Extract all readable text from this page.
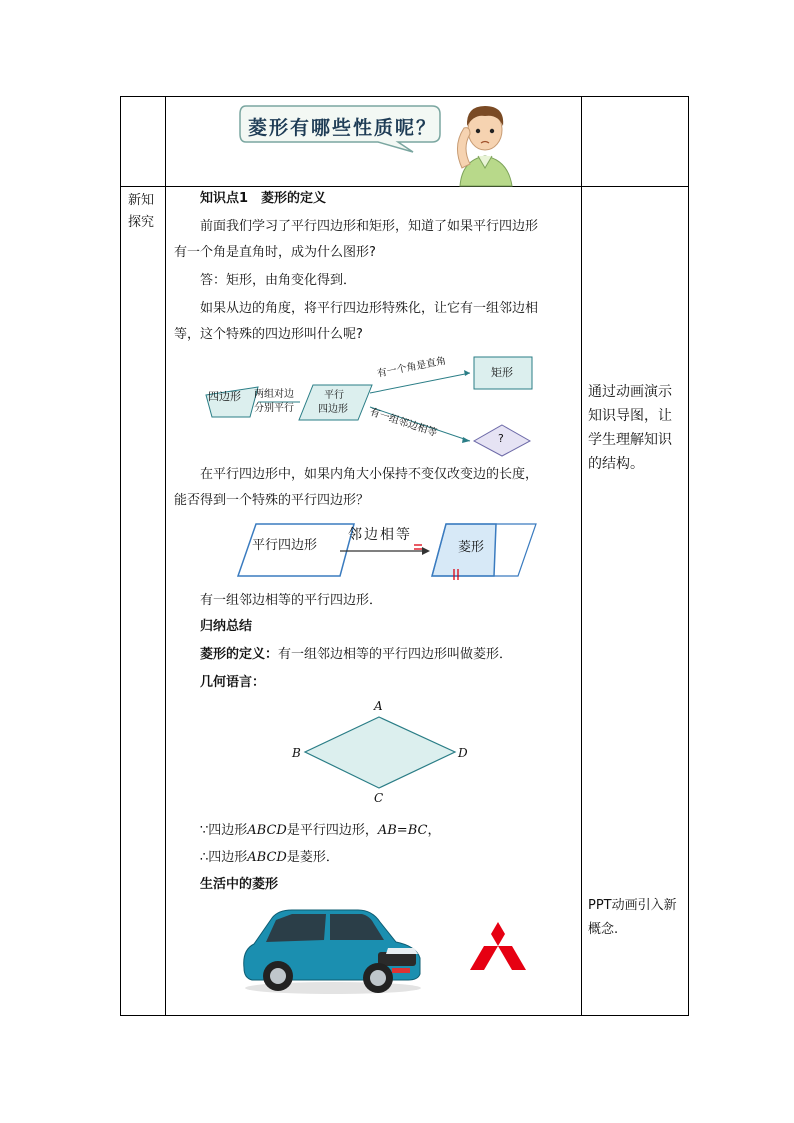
菱形有哪些性质呢？
新知
探究
通过动画演示知识导图，让学生理解知识的结构。
PPT动画引入新概念.
知识点1　菱形的定义
前面我们学习了平行四边形和矩形，知道了如果平行四边形
有一个角是直角时，成为什么图形?
答：矩形，由角变化得到．
如果从边的角度，将平行四边形特殊化，让它有一组邻边相
等，这个特殊的四边形叫什么呢?
四边形 两组对边
分别平行
平行
四边形
有一个角是直角	矩形
有一组邻边相等	?
在平行四边形中，如果内角大小保持不变仅改变边的长度，
能否得到一个特殊的平行四边形？
平行四边形
邻边相等
菱形
有一组邻边相等的平行四边形．
归纳总结
菱形的定义：有一组邻边相等的平行四边形叫做菱形．
几何语言：
A
B
C
D
∵四边形ABCD是平行四边形，AB=BC，
∴四边形ABCD是菱形．
生活中的菱形
